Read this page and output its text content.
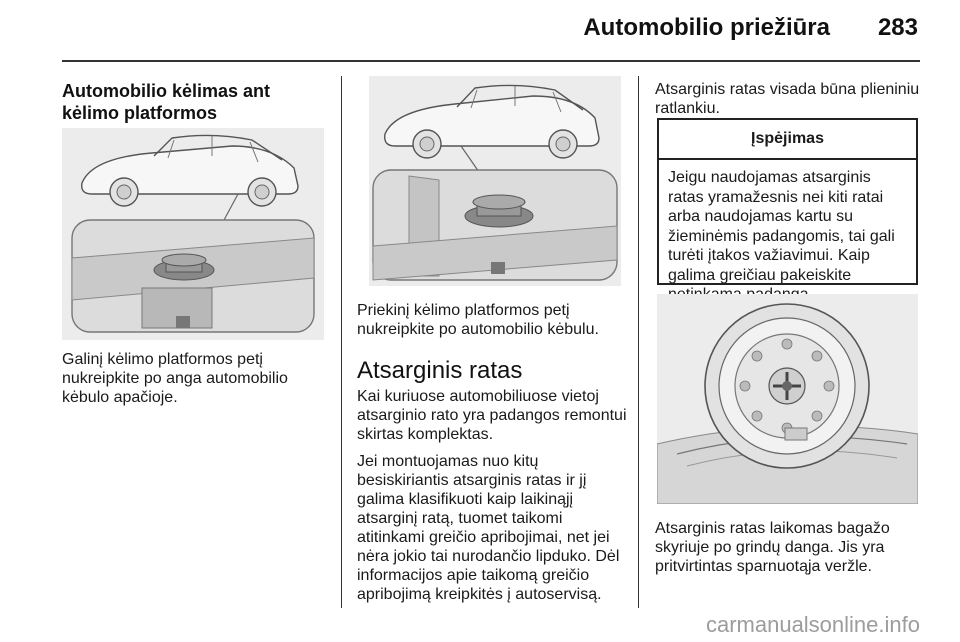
Automobilio priežiūra	283
Automobilio kėlimas ant kėlimo platformos

Galinį kėlimo platformos petį nukreipkite po anga automobilio kėbulo apačioje.

Priekinį kėlimo platformos petį nukreipkite po automobilio kėbulu.

Atsarginis ratas

Kai kuriuose automobiliuose vietoj atsarginio rato yra padangos remontui skirtas komplektas.

Jei montuojamas nuo kitų besiskiriantis atsarginis ratas ir jį galima klasifikuoti kaip laikinąjį atsarginį ratą, tuomet taikomi atitinkami greičio apribojimai, net jei nėra jokio tai nurodančio lipduko. Dėl informacijos apie taikomą greičio apribojimą kreipkitės į autoservisą.

Atsarginis ratas visada būna plieniniu ratlankiu.

Įspėjimas
Jeigu naudojamas atsarginis ratas yramažesnis nei kiti ratai arba naudojamas kartu su žieminėmis padangomis, tai gali turėti įtakos važiavimui. Kaip galima greičiau pakeiskite

Atsarginis ratas laikomas bagažo skyriuje po grindų danga. Jis yra pritvirtintas sparnuotąja veržle.

carmanualsonline.info
